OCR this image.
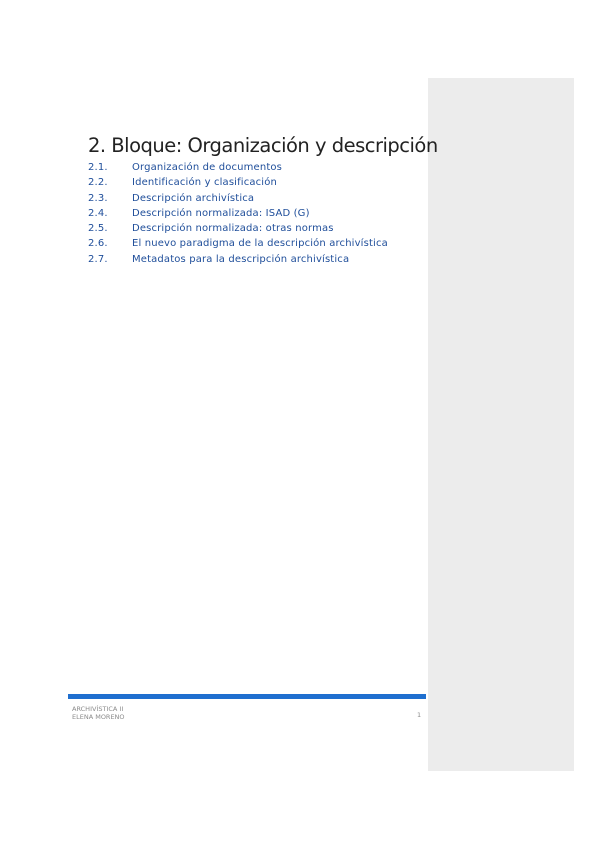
2. Bloque: Organización y descripción
2.1. Organización de documentos
2.2. Identificación y clasificación
2.3. Descripción archivística
2.4. Descripción normalizada: ISAD (G)
2.5. Descripción normalizada: otras normas
2.6. El nuevo paradigma de la descripción archivística
2.7. Metadatos para la descripción archivística
ARCHIVÍSTICA II
ELENA MORENO	1
